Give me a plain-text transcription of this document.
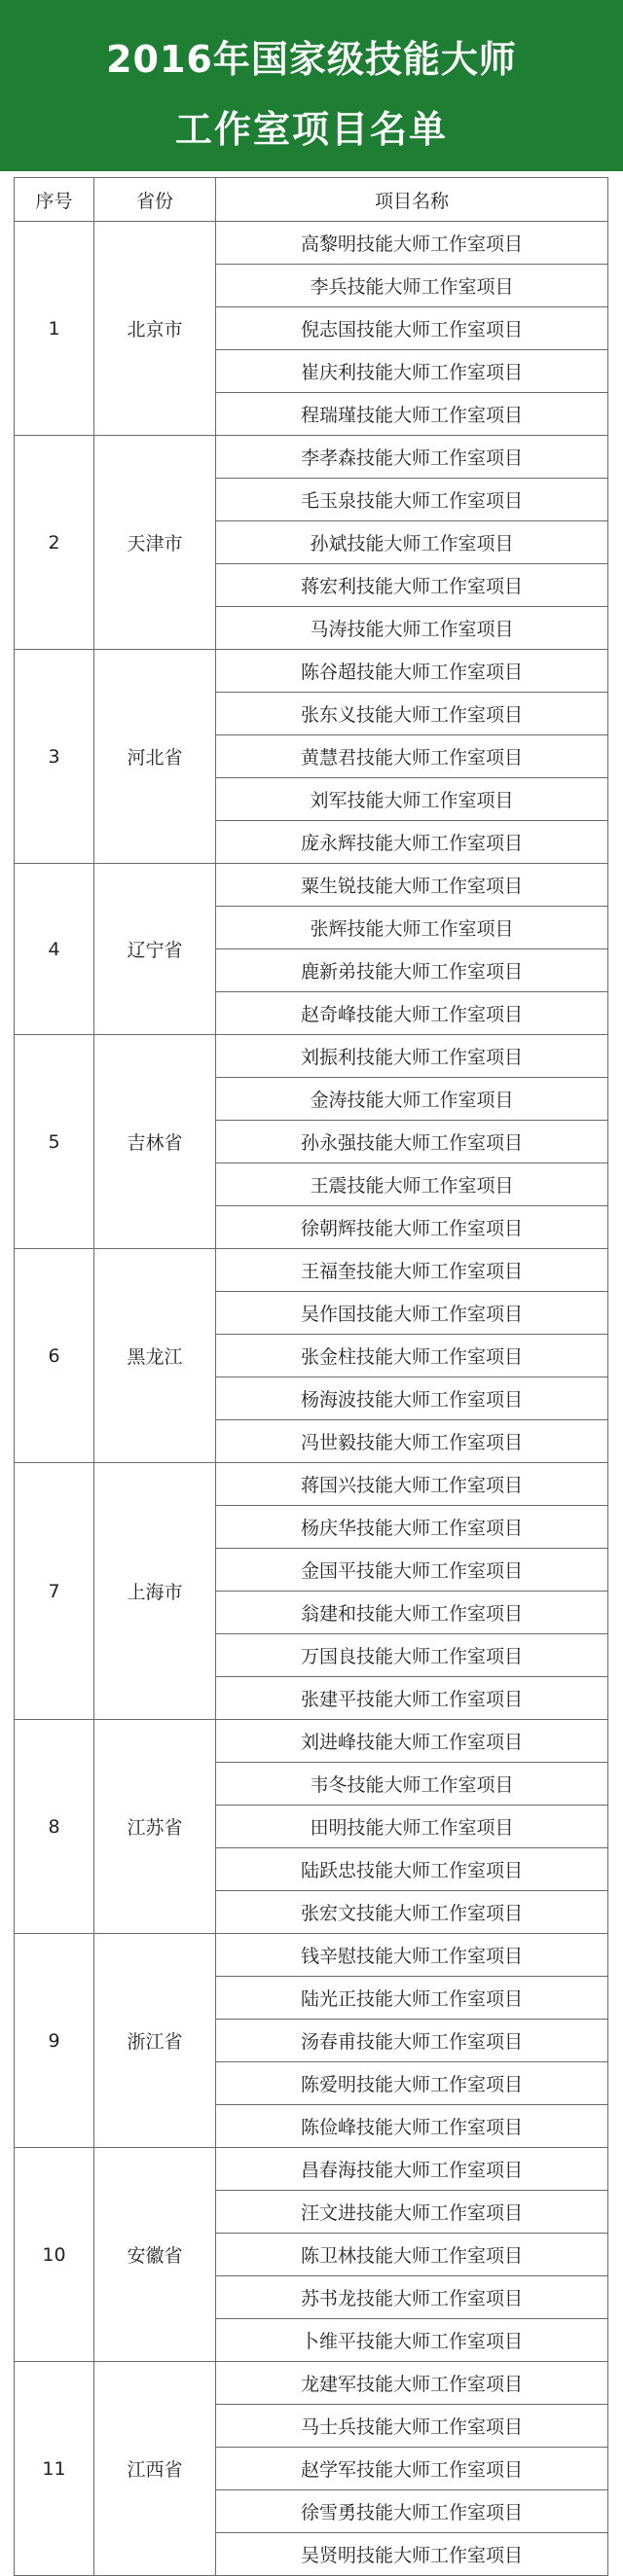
2016年国家级技能大师
工作室项目名单
序号	省份	项目名称
1	北京市	高黎明技能大师工作室项目
		李兵技能大师工作室项目
		倪志国技能大师工作室项目
		崔庆利技能大师工作室项目
		程瑞瑾技能大师工作室项目
2	天津市	李孝森技能大师工作室项目
		毛玉泉技能大师工作室项目
		孙斌技能大师工作室项目
		蒋宏利技能大师工作室项目
		马涛技能大师工作室项目
3	河北省	陈谷超技能大师工作室项目
		张东义技能大师工作室项目
		黄慧君技能大师工作室项目
		刘军技能大师工作室项目
		庞永辉技能大师工作室项目
4	辽宁省	粟生锐技能大师工作室项目
		张辉技能大师工作室项目
		鹿新弟技能大师工作室项目
		赵奇峰技能大师工作室项目
5	吉林省	刘振利技能大师工作室项目
		金涛技能大师工作室项目
		孙永强技能大师工作室项目
		王震技能大师工作室项目
		徐朝辉技能大师工作室项目
6	黑龙江	王福奎技能大师工作室项目
		吴作国技能大师工作室项目
		张金柱技能大师工作室项目
		杨海波技能大师工作室项目
		冯世毅技能大师工作室项目
7	上海市	蒋国兴技能大师工作室项目
		杨庆华技能大师工作室项目
		金国平技能大师工作室项目
		翁建和技能大师工作室项目
		万国良技能大师工作室项目
		张建平技能大师工作室项目
8	江苏省	刘进峰技能大师工作室项目
		韦冬技能大师工作室项目
		田明技能大师工作室项目
		陆跃忠技能大师工作室项目
		张宏文技能大师工作室项目
9	浙江省	钱辛慰技能大师工作室项目
		陆光正技能大师工作室项目
		汤春甫技能大师工作室项目
		陈爱明技能大师工作室项目
		陈俭峰技能大师工作室项目
10	安徽省	昌春海技能大师工作室项目
		汪文进技能大师工作室项目
		陈卫林技能大师工作室项目
		苏书龙技能大师工作室项目
		卜维平技能大师工作室项目
11	江西省	龙建军技能大师工作室项目
		马士兵技能大师工作室项目
		赵学军技能大师工作室项目
		徐雪勇技能大师工作室项目
		吴贤明技能大师工作室项目
